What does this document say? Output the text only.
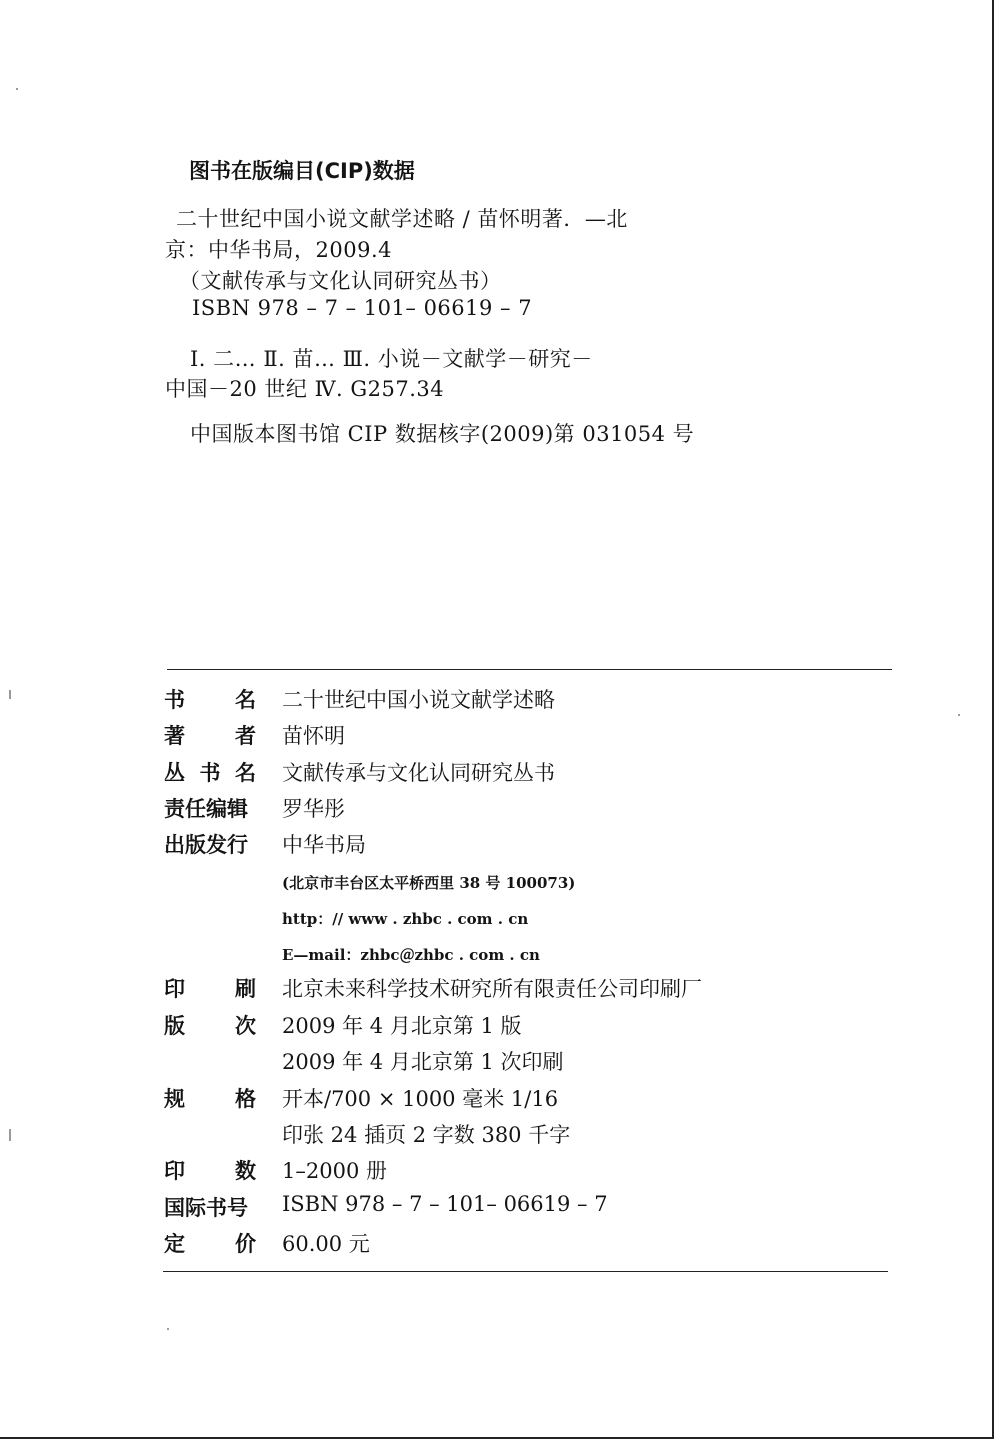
图书在版编目(CIP)数据
二十世纪中国小说文献学述略 / 苗怀明著．—北
京：中华书局，2009.4
（文献传承与文化认同研究丛书）
ISBN 978 – 7 – 101– 06619 – 7
Ⅰ. 二… Ⅱ. 苗… Ⅲ. 小说－文献学－研究－
中国－20 世纪 Ⅳ. G257.34
中国版本图书馆 CIP 数据核字(2009)第 031054 号
书 名 二十世纪中国小说文献学述略
著 者 苗怀明
丛 书 名 文献传承与文化认同研究丛书
责任编辑 罗华彤
出版发行 中华书局
(北京市丰台区太平桥西里 38 号 100073)
http：// www . zhbc . com . cn
E—mail：zhbc＠zhbc . com . cn
印 刷 北京未来科学技术研究所有限责任公司印刷厂
版 次 2009 年 4 月北京第 1 版
2009 年 4 月北京第 1 次印刷
规 格 开本/700 × 1000 毫米 1/16
印张 24 插页 2 字数 380 千字
印 数 1–2000 册
国际书号 ISBN 978 – 7 – 101– 06619 – 7
定 价 60.00 元
